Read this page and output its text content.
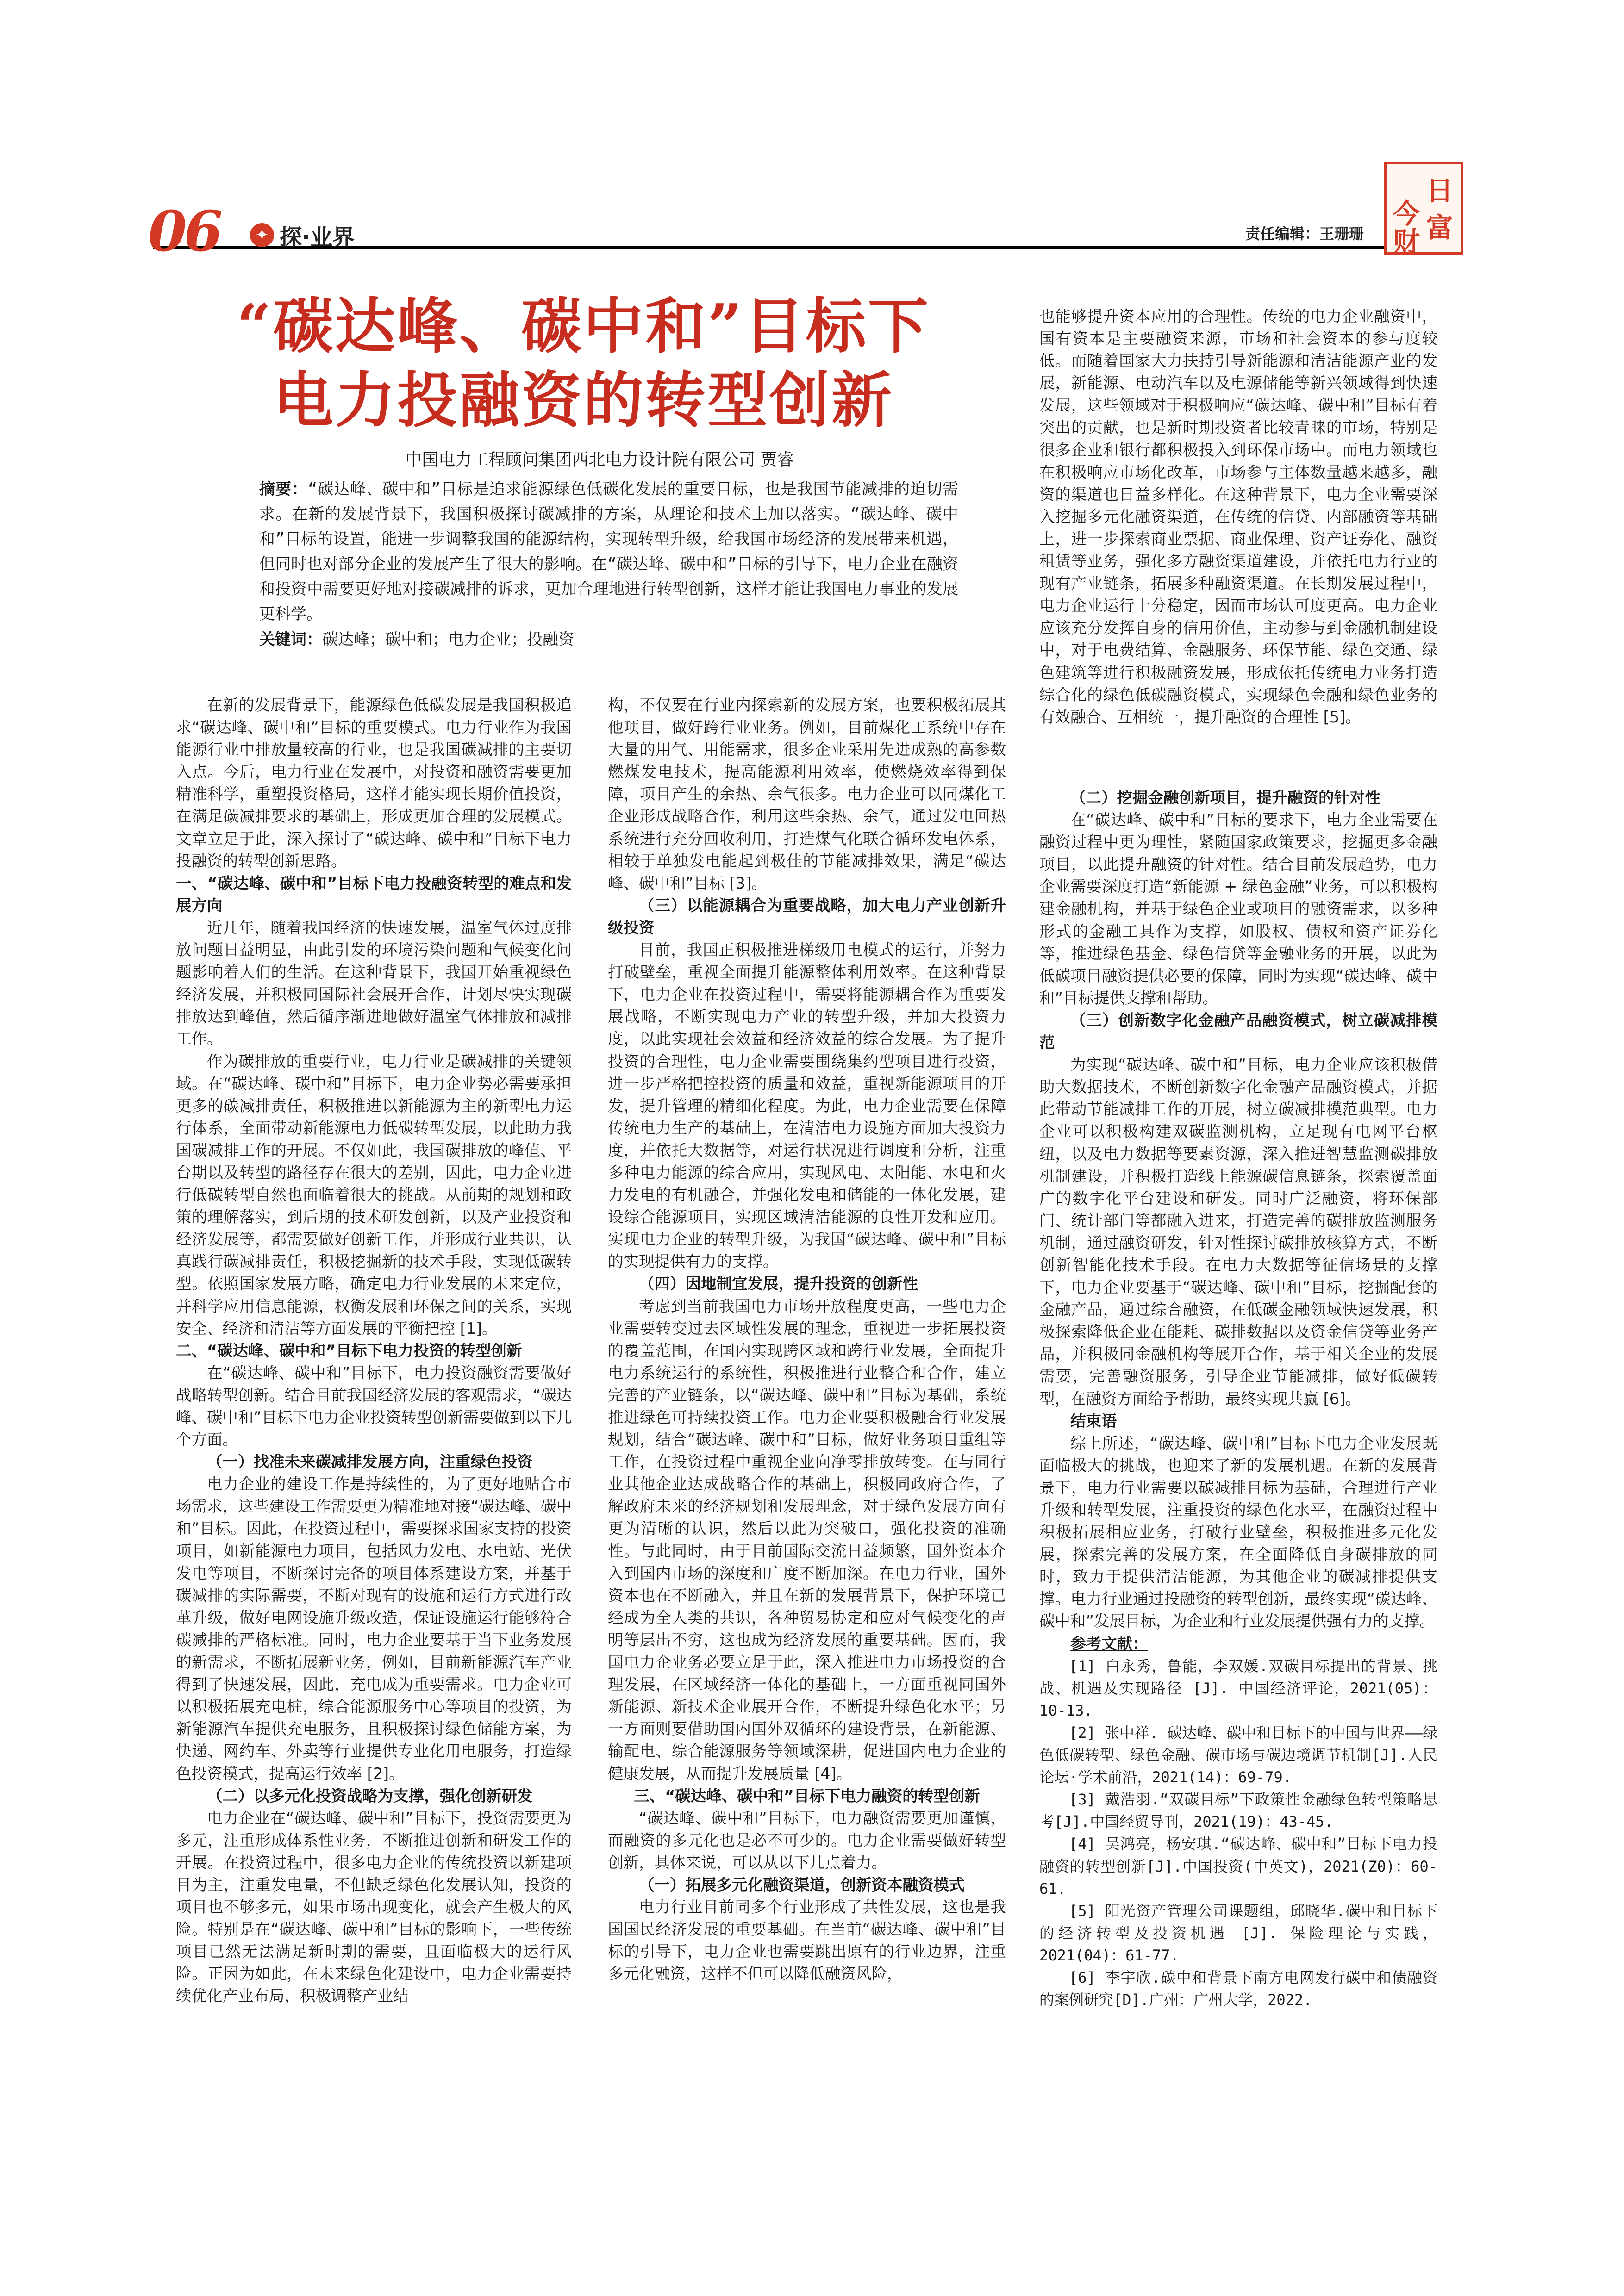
06	✦ 探·业界	责任编辑：王珊珊
今
日
财 富
“碳达峰、碳中和”目标下
电力投融资的转型创新
中国电力工程顾问集团西北电力设计院有限公司 贾睿
摘要：“碳达峰、碳中和”目标是追求能源绿色低碳化发展的重要目标，也是我国节能减排的迫切需求。在新的发展背景下，我国积极探讨碳减排的方案，从理论和技术上加以落实。“碳达峰、碳中和”目标的设置，能进一步调整我国的能源结构，实现转型升级，给我国市场经济的发展带来机遇，但同时也对部分企业的发展产生了很大的影响。在“碳达峰、碳中和”目标的引导下，电力企业在融资和投资中需要更好地对接碳减排的诉求，更加合理地进行转型创新，这样才能让我国电力事业的发展更科学。
关键词：碳达峰；碳中和；电力企业；投融资

在新的发展背景下，能源绿色低碳发展是我国积极追求“碳达峰、碳中和”目标的重要模式。电力行业作为我国能源行业中排放量较高的行业，也是我国碳减排的主要切入点。今后，电力行业在发展中，对投资和融资需要更加精准科学，重塑投资格局，这样才能实现长期价值投资，在满足碳减排要求的基础上，形成更加合理的发展模式。文章立足于此，深入探讨了“碳达峰、碳中和”目标下电力投融资的转型创新思路。

一、“碳达峰、碳中和”目标下电力投融资转型的难点和发展方向

近几年，随着我国经济的快速发展，温室气体过度排放问题日益明显，由此引发的环境污染问题和气候变化问题影响着人们的生活。在这种背景下，我国开始重视绿色经济发展，并积极同国际社会展开合作，计划尽快实现碳排放达到峰值，然后循序渐进地做好温室气体排放和减排工作。

作为碳排放的重要行业，电力行业是碳减排的关键领域。在“碳达峰、碳中和”目标下，电力企业势必需要承担更多的碳减排责任，积极推进以新能源为主的新型电力运行体系，全面带动新能源电力低碳转型发展，以此助力我国碳减排工作的开展。不仅如此，我国碳排放的峰值、平台期以及转型的路径存在很大的差别，因此，电力企业进行低碳转型自然也面临着很大的挑战。从前期的规划和政策的理解落实，到后期的技术研发创新，以及产业投资和经济发展等，都需要做好创新工作，并形成行业共识，认真践行碳减排责任，积极挖掘新的技术手段，实现低碳转型。依照国家发展方略，确定电力行业发展的未来定位，并科学应用信息能源，权衡发展和环保之间的关系，实现安全、经济和清洁等方面发展的平衡把控 [1]。

二、“碳达峰、碳中和”目标下电力投资的转型创新

在“碳达峰、碳中和”目标下，电力投资融资需要做好战略转型创新。结合目前我国经济发展的客观需求，“碳达峰、碳中和”目标下电力企业投资转型创新需要做到以下几个方面。

（一）找准未来碳减排发展方向，注重绿色投资

电力企业的建设工作是持续性的，为了更好地贴合市场需求，这些建设工作需要更为精准地对接“碳达峰、碳中和”目标。因此，在投资过程中，需要探求国家支持的投资项目，如新能源电力项目，包括风力发电、水电站、光伏发电等项目，不断探讨完备的项目体系建设方案，并基于碳减排的实际需要，不断对现有的设施和运行方式进行改革升级，做好电网设施升级改造，保证设施运行能够符合碳减排的严格标准。同时，电力企业要基于当下业务发展的新需求，不断拓展新业务，例如，目前新能源汽车产业得到了快速发展，因此，充电成为重要需求。电力企业可以积极拓展充电桩，综合能源服务中心等项目的投资，为新能源汽车提供充电服务，且积极探讨绿色储能方案，为快递、网约车、外卖等行业提供专业化用电服务，打造绿色投资模式，提高运行效率 [2]。

（二）以多元化投资战略为支撑，强化创新研发

电力企业在“碳达峰、碳中和”目标下，投资需要更为多元，注重形成体系性业务，不断推进创新和研发工作的开展。在投资过程中，很多电力企业的传统投资以新建项目为主，注重发电量，不但缺乏绿色化发展认知，投资的项目也不够多元，如果市场出现变化，就会产生极大的风险。特别是在“碳达峰、碳中和”目标的影响下，一些传统项目已然无法满足新时期的需要，且面临极大的运行风险。正因为如此，在未来绿色化建设中，电力企业需要持续优化产业布局，积极调整产业结

构，不仅要在行业内探索新的发展方案，也要积极拓展其他项目，做好跨行业业务。例如，目前煤化工系统中存在大量的用气、用能需求，很多企业采用先进成熟的高参数燃煤发电技术，提高能源利用效率，使燃烧效率得到保障，项目产生的余热、余气很多。电力企业可以同煤化工企业形成战略合作，利用这些余热、余气，通过发电回热系统进行充分回收利用，打造煤气化联合循环发电体系，相较于单独发电能起到极佳的节能减排效果，满足“碳达峰、碳中和”目标 [3]。

（三）以能源耦合为重要战略，加大电力产业创新升级投资

目前，我国正积极推进梯级用电模式的运行，并努力打破壁垒，重视全面提升能源整体利用效率。在这种背景下，电力企业在投资过程中，需要将能源耦合作为重要发展战略，不断实现电力产业的转型升级，并加大投资力度，以此实现社会效益和经济效益的综合发展。为了提升投资的合理性，电力企业需要围绕集约型项目进行投资，进一步严格把控投资的质量和效益，重视新能源项目的开发，提升管理的精细化程度。为此，电力企业需要在保障传统电力生产的基础上，在清洁电力设施方面加大投资力度，并依托大数据等，对运行状况进行调度和分析，注重多种电力能源的综合应用，实现风电、太阳能、水电和火力发电的有机融合，并强化发电和储能的一体化发展，建设综合能源项目，实现区域清洁能源的良性开发和应用。实现电力企业的转型升级，为我国“碳达峰、碳中和”目标的实现提供有力的支撑。

（四）因地制宜发展，提升投资的创新性

考虑到当前我国电力市场开放程度更高，一些电力企业需要转变过去区域性发展的理念，重视进一步拓展投资的覆盖范围，在国内实现跨区域和跨行业发展，全面提升电力系统运行的系统性，积极推进行业整合和合作，建立完善的产业链条，以“碳达峰、碳中和”目标为基础，系统推进绿色可持续投资工作。电力企业要积极融合行业发展规划，结合“碳达峰、碳中和”目标，做好业务项目重组等工作，在投资过程中重视企业向净零排放转变。在与同行业其他企业达成战略合作的基础上，积极同政府合作，了解政府未来的经济规划和发展理念，对于绿色发展方向有更为清晰的认识，然后以此为突破口，强化投资的准确性。与此同时，由于目前国际交流日益频繁，国外资本介入到国内市场的深度和广度不断加深。在电力行业，国外资本也在不断融入，并且在新的发展背景下，保护环境已经成为全人类的共识，各种贸易协定和应对气候变化的声明等层出不穷，这也成为经济发展的重要基础。因而，我国电力企业务必要立足于此，深入推进电力市场投资的合理发展，在区域经济一体化的基础上，一方面重视同国外新能源、新技术企业展开合作，不断提升绿色化水平；另一方面则要借助国内国外双循环的建设背景，在新能源、输配电、综合能源服务等领域深耕，促进国内电力企业的健康发展，从而提升发展质量 [4]。

三、“碳达峰、碳中和”目标下电力融资的转型创新

“碳达峰、碳中和”目标下，电力融资需要更加谨慎，而融资的多元化也是必不可少的。电力企业需要做好转型创新，具体来说，可以从以下几点着力。

（一）拓展多元化融资渠道，创新资本融资模式

电力行业目前同多个行业形成了共性发展，这也是我国国民经济发展的重要基础。在当前“碳达峰、碳中和”目标的引导下，电力企业也需要跳出原有的行业边界，注重多元化融资，这样不但可以降低融资风险，

也能够提升资本应用的合理性。传统的电力企业融资中，国有资本是主要融资来源，市场和社会资本的参与度较低。而随着国家大力扶持引导新能源和清洁能源产业的发展，新能源、电动汽车以及电源储能等新兴领域得到快速发展，这些领域对于积极响应“碳达峰、碳中和”目标有着突出的贡献，也是新时期投资者比较青睐的市场，特别是很多企业和银行都积极投入到环保市场中。而电力领域也在积极响应市场化改革，市场参与主体数量越来越多，融资的渠道也日益多样化。在这种背景下，电力企业需要深入挖掘多元化融资渠道，在传统的信贷、内部融资等基础上，进一步探索商业票据、商业保理、资产证券化、融资租赁等业务，强化多方融资渠道建设，并依托电力行业的现有产业链条，拓展多种融资渠道。在长期发展过程中，电力企业运行十分稳定，因而市场认可度更高。电力企业应该充分发挥自身的信用价值，主动参与到金融机制建设中，对于电费结算、金融服务、环保节能、绿色交通、绿色建筑等进行积极融资发展，形成依托传统电力业务打造综合化的绿色低碳融资模式，实现绿色金融和绿色业务的有效融合、互相统一，提升融资的合理性 [5]。

（二）挖掘金融创新项目，提升融资的针对性

在“碳达峰、碳中和”目标的要求下，电力企业需要在融资过程中更为理性，紧随国家政策要求，挖掘更多金融项目，以此提升融资的针对性。结合目前发展趋势，电力企业需要深度打造“新能源 + 绿色金融”业务，可以积极构建金融机构，并基于绿色企业或项目的融资需求，以多种形式的金融工具作为支撑，如股权、债权和资产证券化等，推进绿色基金、绿色信贷等金融业务的开展，以此为低碳项目融资提供必要的保障，同时为实现“碳达峰、碳中和”目标提供支撑和帮助。

（三）创新数字化金融产品融资模式，树立碳减排模范

为实现“碳达峰、碳中和”目标，电力企业应该积极借助大数据技术，不断创新数字化金融产品融资模式，并据此带动节能减排工作的开展，树立碳减排模范典型。电力企业可以积极构建双碳监测机构，立足现有电网平台枢纽，以及电力数据等要素资源，深入推进智慧监测碳排放机制建设，并积极打造线上能源碳信息链条，探索覆盖面广的数字化平台建设和研发。同时广泛融资，将环保部门、统计部门等都融入进来，打造完善的碳排放监测服务机制，通过融资研发，针对性探讨碳排放核算方式，不断创新智能化技术手段。在电力大数据等征信场景的支撑下，电力企业要基于“碳达峰、碳中和”目标，挖掘配套的金融产品，通过综合融资，在低碳金融领域快速发展，积极探索降低企业在能耗、碳排数据以及资金信贷等业务产品，并积极同金融机构等展开合作，基于相关企业的发展需要，完善融资服务，引导企业节能减排，做好低碳转型，在融资方面给予帮助，最终实现共赢 [6]。

结束语

综上所述，“碳达峰、碳中和”目标下电力企业发展既面临极大的挑战，也迎来了新的发展机遇。在新的发展背景下，电力行业需要以碳减排目标为基础，合理进行产业升级和转型发展，注重投资的绿色化水平，在融资过程中积极拓展相应业务，打破行业壁垒，积极推进多元化发展，探索完善的发展方案，在全面降低自身碳排放的同时，致力于提供清洁能源，为其他企业的碳减排提供支撑。电力行业通过投融资的转型创新，最终实现“碳达峰、碳中和”发展目标，为企业和行业发展提供强有力的支撑。

参考文献：

[1] 白永秀，鲁能，李双媛.双碳目标提出的背景、挑战、机遇及实现路径 [J]. 中国经济评论，2021(05)：10-13.

[2] 张中祥. 碳达峰、碳中和目标下的中国与世界——绿色低碳转型、绿色金融、碳市场与碳边境调节机制[J].人民论坛·学术前沿，2021(14)：69-79.

[3] 戴浩羽.“双碳目标”下政策性金融绿色转型策略思考[J].中国经贸导刊，2021(19)：43-45.

[4] 吴鸿亮，杨安琪.“碳达峰、碳中和”目标下电力投融资的转型创新[J].中国投资(中英文)，2021(Z0)：60-61.

[5] 阳光资产管理公司课题组，邱晓华.碳中和目标下的经济转型及投资机遇 [J]. 保险理论与实践，2021(04)：61-77.

[6] 李宇欣.碳中和背景下南方电网发行碳中和债融资的案例研究[D].广州：广州大学，2022.
